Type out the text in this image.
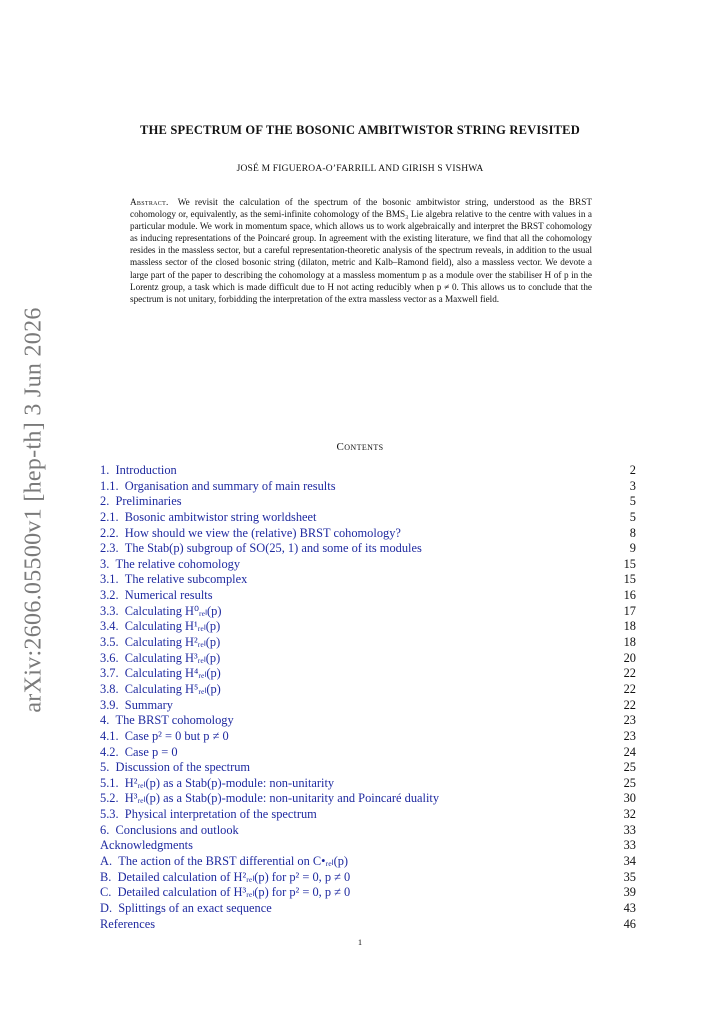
arXiv:2606.05500v1 [hep-th] 3 Jun 2026
THE SPECTRUM OF THE BOSONIC AMBITWISTOR STRING REVISITED
JOSÉ M FIGUEROA-O’FARRILL AND GIRISH S VISHWA
Abstract. We revisit the calculation of the spectrum of the bosonic ambitwistor string, understood as the BRST cohomology or, equivalently, as the semi-infinite cohomology of the BMS₃ Lie algebra relative to the centre with values in a particular module. We work in momentum space, which allows us to work algebraically and interpret the BRST cohomology as inducing representations of the Poincaré group. In agreement with the existing literature, we find that all the cohomology resides in the massless sector, but a careful representation-theoretic analysis of the spectrum reveals, in addition to the usual massless sector of the closed bosonic string (dilaton, metric and Kalb–Ramond field), also a massless vector. We devote a large part of the paper to describing the cohomology at a massless momentum p as a module over the stabiliser H of p in the Lorentz group, a task which is made difficult due to H not acting reducibly when p ≠ 0. This allows us to conclude that the spectrum is not unitary, forbidding the interpretation of the extra massless vector as a Maxwell field.
Contents
1.  Introduction	2
1.1.  Organisation and summary of main results	3
2.  Preliminaries	5
2.1.  Bosonic ambitwistor string worldsheet	5
2.2.  How should we view the (relative) BRST cohomology?	8
2.3.  The Stab(p) subgroup of SO(25, 1) and some of its modules	9
3.  The relative cohomology	15
3.1.  The relative subcomplex	15
3.2.  Numerical results	16
3.3.  Calculating H⁰ᵣₑₗ(p)	17
3.4.  Calculating H¹ᵣₑₗ(p)	18
3.5.  Calculating H²ᵣₑₗ(p)	18
3.6.  Calculating H³ᵣₑₗ(p)	20
3.7.  Calculating H⁴ᵣₑₗ(p)	22
3.8.  Calculating H⁵ᵣₑₗ(p)	22
3.9.  Summary	22
4.  The BRST cohomology	23
4.1.  Case p² = 0 but p ≠ 0	23
4.2.  Case p = 0	24
5.  Discussion of the spectrum	25
5.1.  H²ᵣₑₗ(p) as a Stab(p)-module: non-unitarity	25
5.2.  H³ᵣₑₗ(p) as a Stab(p)-module: non-unitarity and Poincaré duality	30
5.3.  Physical interpretation of the spectrum	32
6.  Conclusions and outlook	33
Acknowledgments	33
A.  The action of the BRST differential on C•ᵣₑₗ(p)	34
B.  Detailed calculation of H²ᵣₑₗ(p) for p² = 0, p ≠ 0	35
C.  Detailed calculation of H³ᵣₑₗ(p) for p² = 0, p ≠ 0	39
D.  Splittings of an exact sequence	43
References	46
1
